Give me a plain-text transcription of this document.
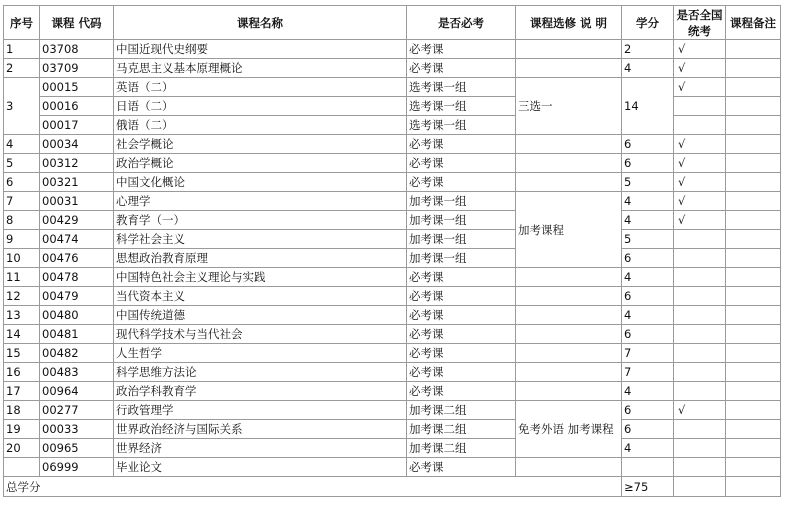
序号	课程 代码	课程名称	是否必考	课程选修 说 明	学分	是否全国统考	课程备注
1	03708	中国近现代史纲要	必考课		2	√	
2	03709	马克思主义基本原理概论	必考课		4	√	
3	00015	英语（二）	选考课一组	三选一	14	√	
	00016	日语（二）	选考课一组				
	00017	俄语（二）	选考课一组				
4	00034	社会学概论	必考课		6	√	
5	00312	政治学概论	必考课		6	√	
6	00321	中国文化概论	必考课		5	√	
7	00031	心理学	加考课一组	加考课程	4	√	
8	00429	教育学（一）	加考课一组		4	√	
9	00474	科学社会主义	加考课一组		5		
10	00476	思想政治教育原理	加考课一组		6		
11	00478	中国特色社会主义理论与实践	必考课		4		
12	00479	当代资本主义	必考课		6		
13	00480	中国传统道德	必考课		4		
14	00481	现代科学技术与当代社会	必考课		6		
15	00482	人生哲学	必考课		7		
16	00483	科学思维方法论	必考课		7		
17	00964	政治学科教育学	必考课		4		
18	00277	行政管理学	加考课二组	免考外语 加考课程	6	√	
19	00033	世界政治经济与国际关系	加考课二组		6		
20	00965	世界经济	加考课二组		4		
	06999	毕业论文	必考课				
总学分					≥75		
